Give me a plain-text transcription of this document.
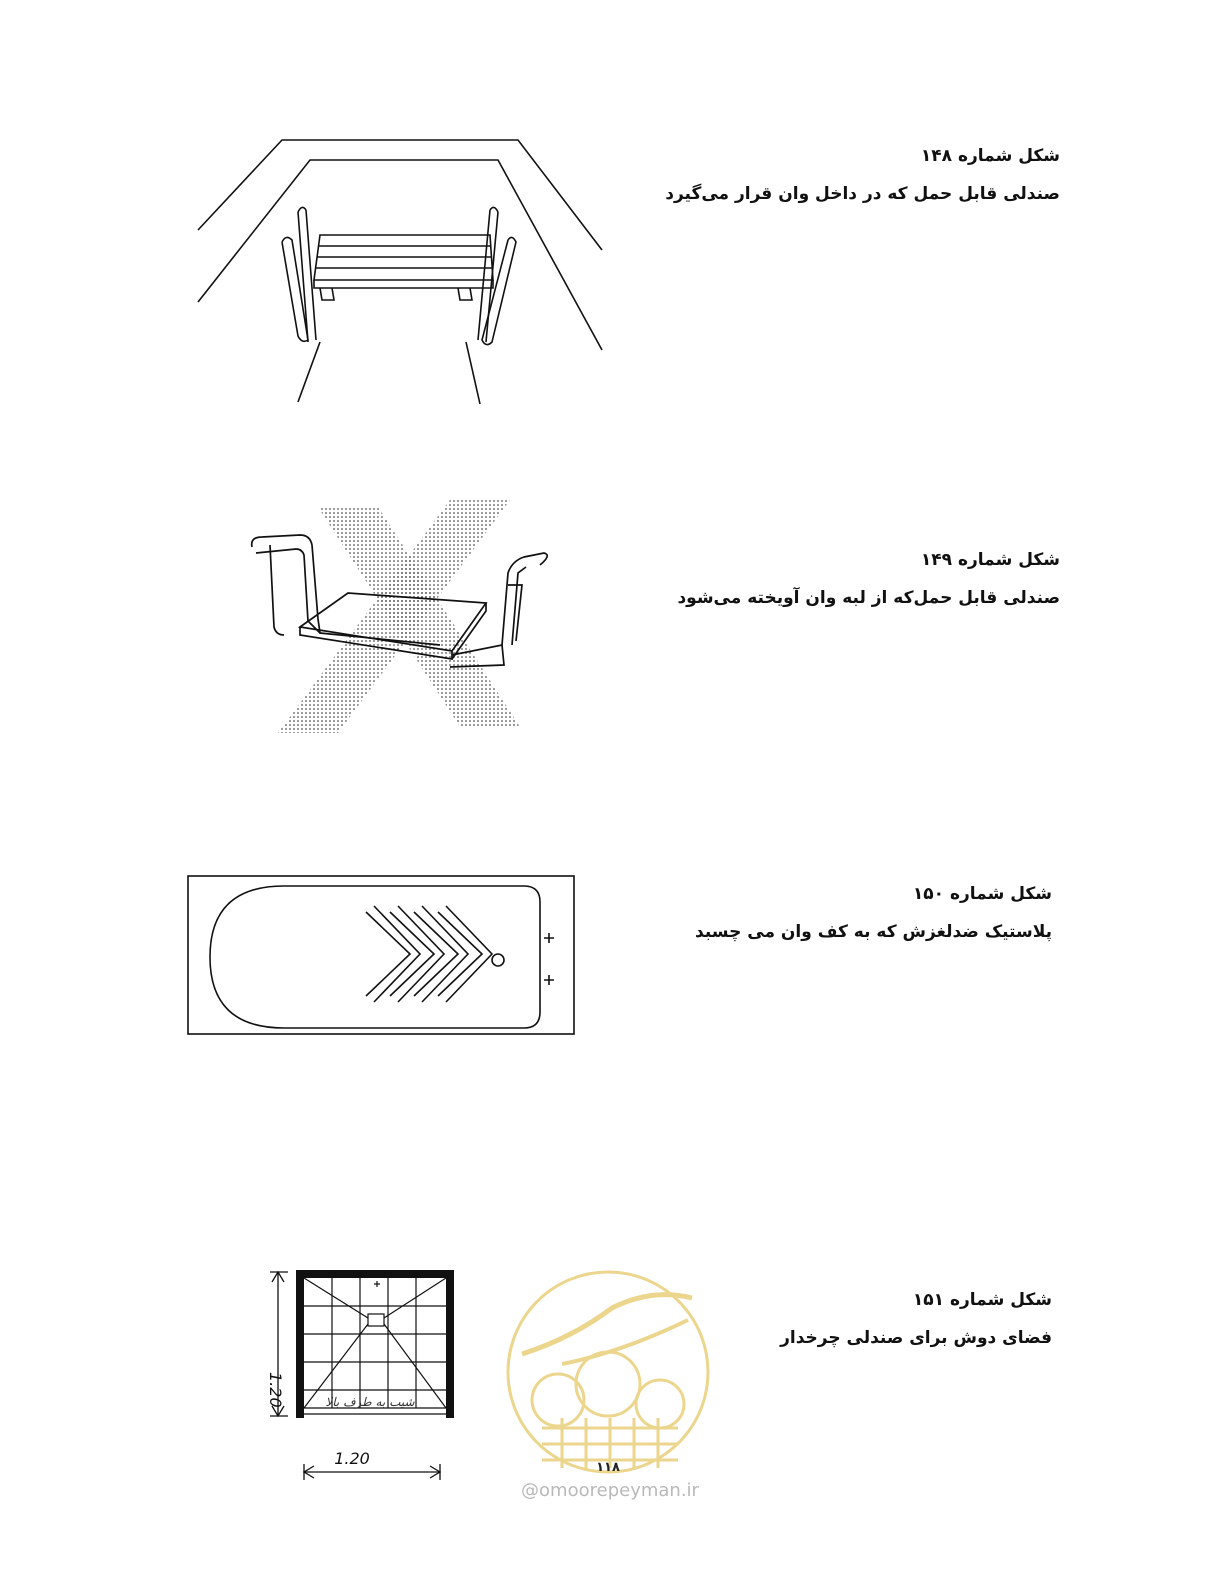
شکل شماره ۱۴۸

صندلی قابل حمل که در داخل وان قرار می‌گیرد

شکل شماره ۱۴۹

صندلی قابل حمل‌که از لبه وان آویخته می‌شود

شکل شماره ۱۵۰

پلاستیک ضدلغزش که به کف وان می چسبد

شیب به طرف بالا
1.20
1.20

شکل شماره ۱۵۱

فضای دوش برای صندلی چرخدار

۱۱۸
@omoorepeyman.ir
